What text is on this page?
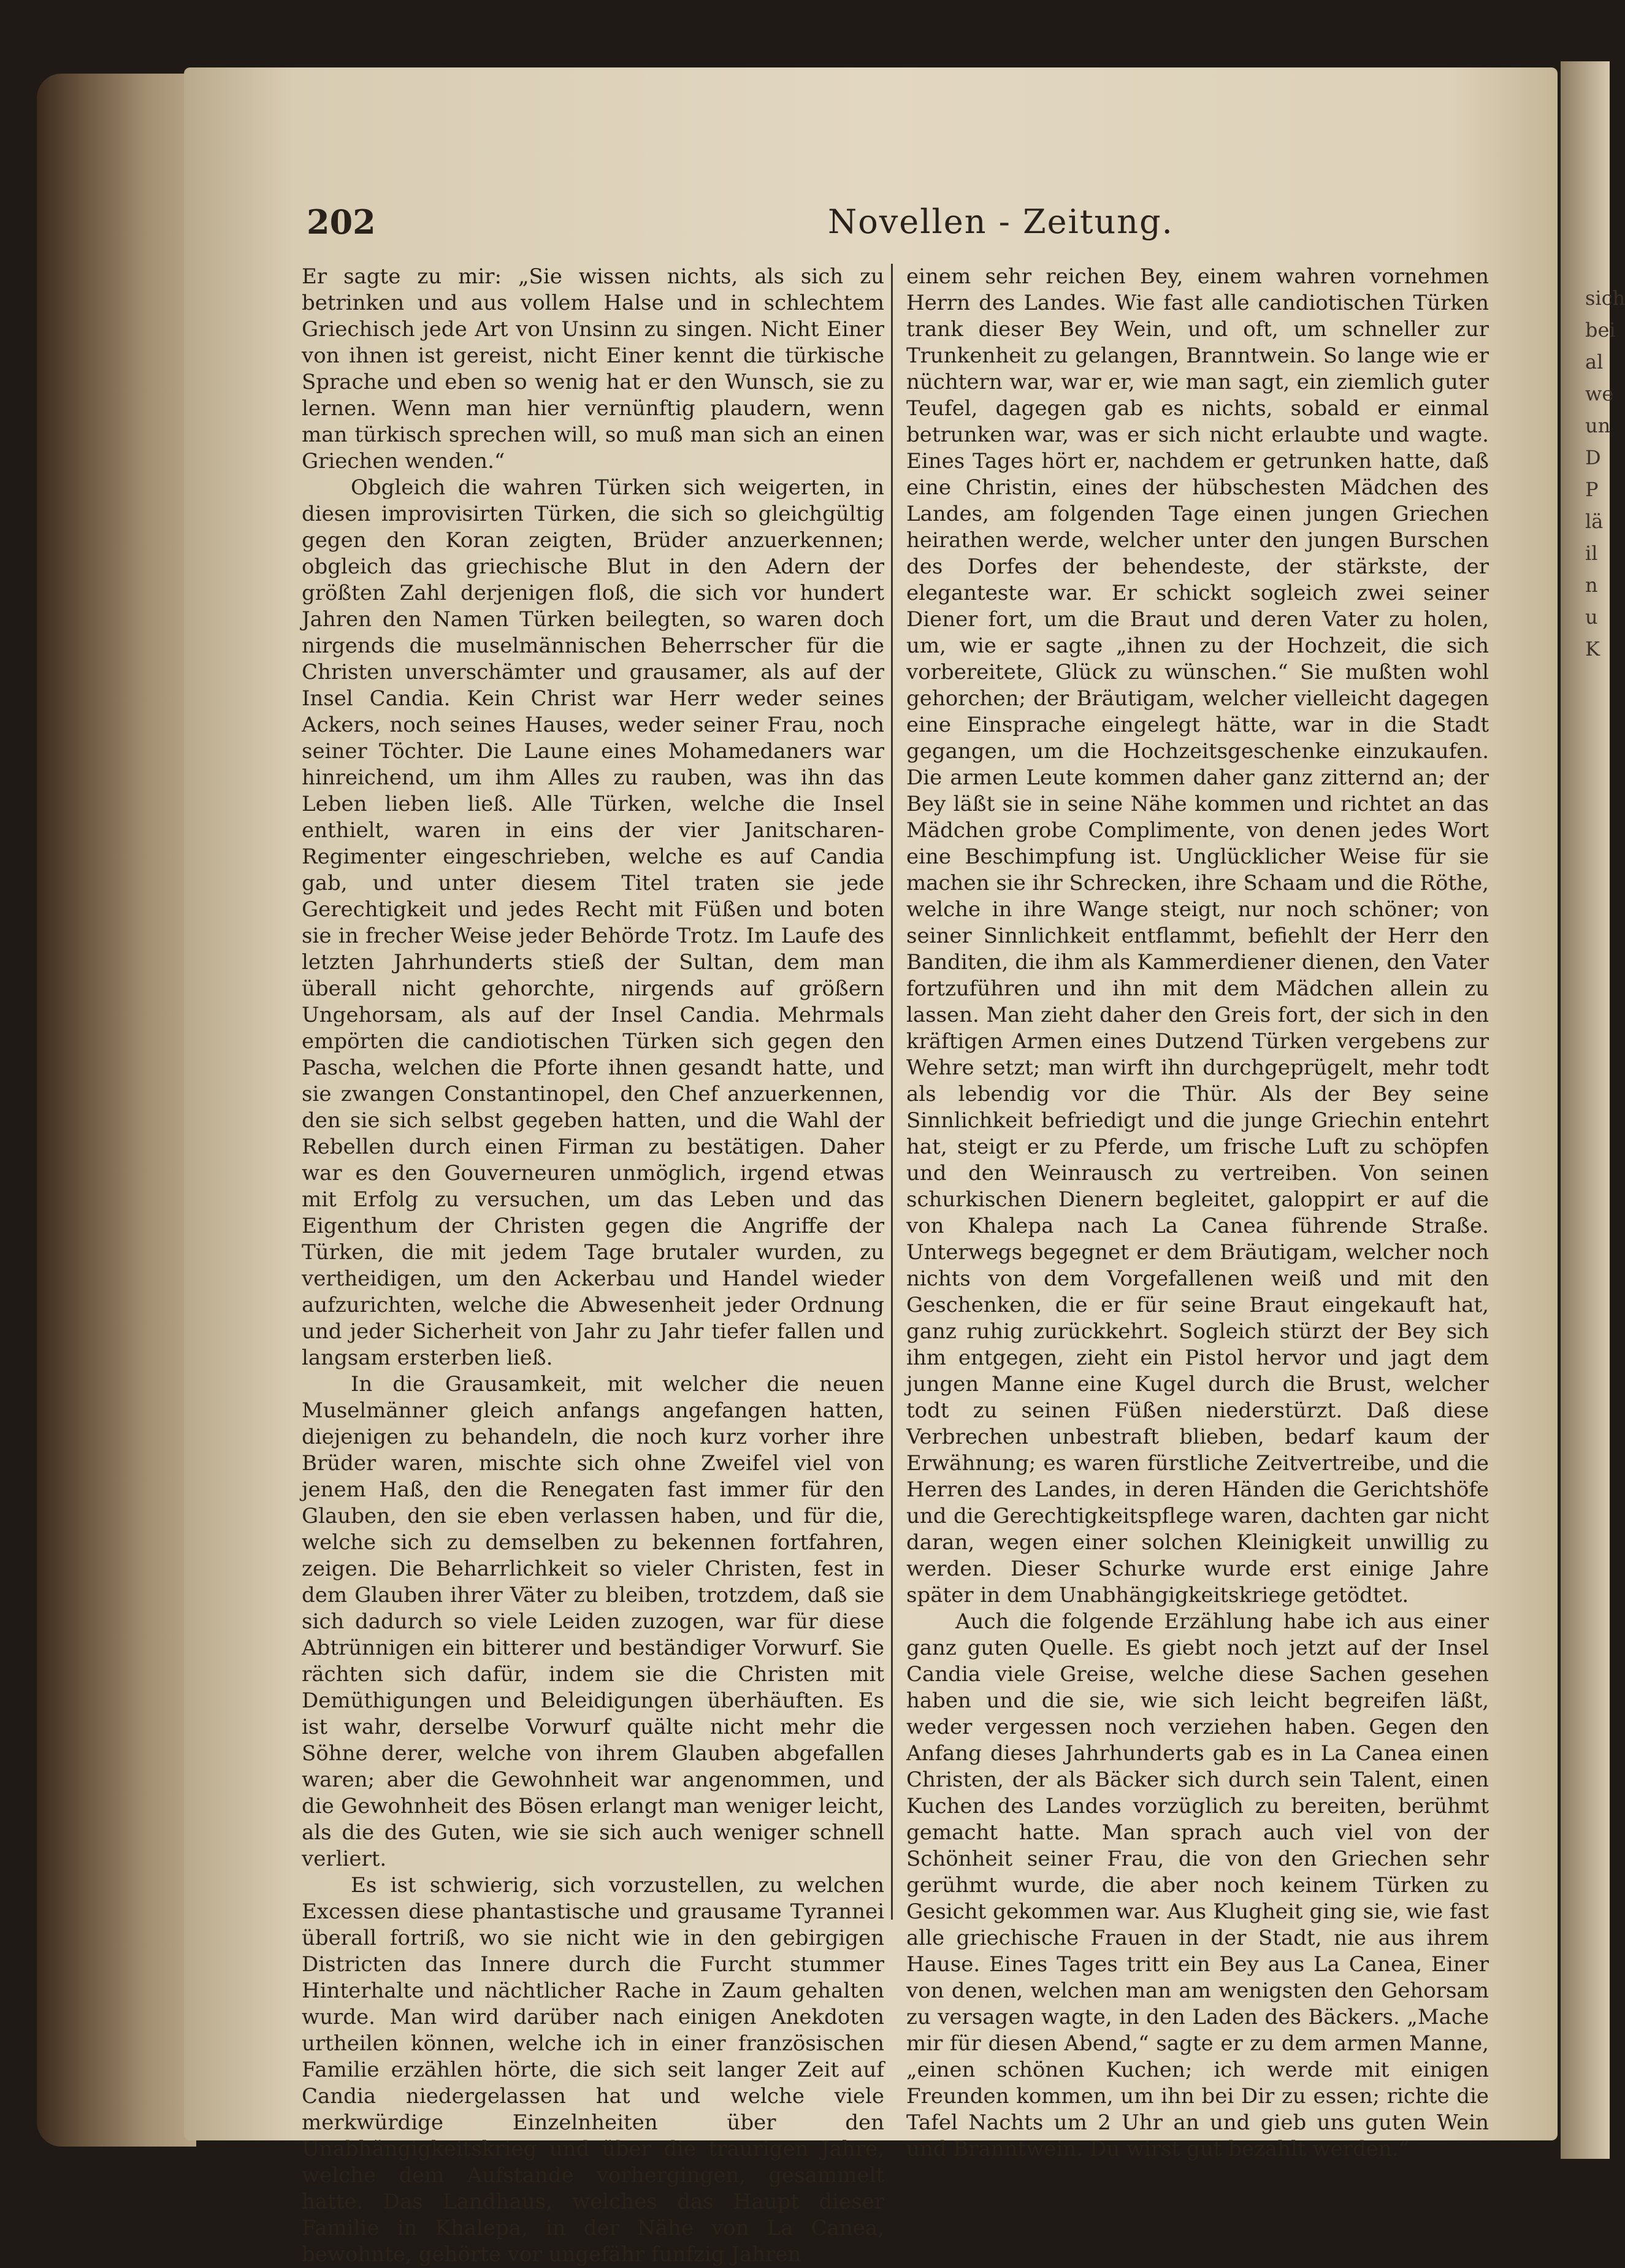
sich
bei
al
we
un
D
P
lä
il
n
u
K
202	Novellen - Zeitung.

Er sagte zu mir: „Sie wissen nichts, als sich zu betrinken und aus vollem Halse und in schlechtem Griechisch jede Art von Unsinn zu singen. Nicht Einer von ihnen ist gereist, nicht Einer kennt die türkische Sprache und eben so wenig hat er den Wunsch, sie zu lernen. Wenn man hier vernünftig plaudern, wenn man türkisch sprechen will, so muß man sich an einen Griechen wenden.“

Obgleich die wahren Türken sich weigerten, in diesen improvisirten Türken, die sich so gleichgültig gegen den Koran zeigten, Brüder anzuerkennen; obgleich das griechische Blut in den Adern der größten Zahl derjenigen floß, die sich vor hundert Jahren den Namen Türken beilegten, so waren doch nirgends die muselmännischen Beherrscher für die Christen unverschämter und grausamer, als auf der Insel Candia. Kein Christ war Herr weder seines Ackers, noch seines Hauses, weder seiner Frau, noch seiner Töchter. Die Laune eines Mohamedaners war hinreichend, um ihm Alles zu rauben, was ihn das Leben lieben ließ. Alle Türken, welche die Insel enthielt, waren in eins der vier Janitscharen-Regimenter eingeschrieben, welche es auf Candia gab, und unter diesem Titel traten sie jede Gerechtigkeit und jedes Recht mit Füßen und boten sie in frecher Weise jeder Behörde Trotz. Im Laufe des letzten Jahrhunderts stieß der Sultan, dem man überall nicht gehorchte, nirgends auf größern Ungehorsam, als auf der Insel Candia. Mehrmals empörten die candiotischen Türken sich gegen den Pascha, welchen die Pforte ihnen gesandt hatte, und sie zwangen Constantinopel, den Chef anzuerkennen, den sie sich selbst gegeben hatten, und die Wahl der Rebellen durch einen Firman zu bestätigen. Daher war es den Gouverneuren unmöglich, irgend etwas mit Erfolg zu versuchen, um das Leben und das Eigenthum der Christen gegen die Angriffe der Türken, die mit jedem Tage brutaler wurden, zu vertheidigen, um den Ackerbau und Handel wieder aufzurichten, welche die Abwesenheit jeder Ordnung und jeder Sicherheit von Jahr zu Jahr tiefer fallen und langsam ersterben ließ.

In die Grausamkeit, mit welcher die neuen Muselmänner gleich anfangs angefangen hatten, diejenigen zu behandeln, die noch kurz vorher ihre Brüder waren, mischte sich ohne Zweifel viel von jenem Haß, den die Renegaten fast immer für den Glauben, den sie eben verlassen haben, und für die, welche sich zu demselben zu bekennen fortfahren, zeigen. Die Beharrlichkeit so vieler Christen, fest in dem Glauben ihrer Väter zu bleiben, trotzdem, daß sie sich dadurch so viele Leiden zuzogen, war für diese Abtrünnigen ein bitterer und beständiger Vorwurf. Sie rächten sich dafür, indem sie die Christen mit Demüthigungen und Beleidigungen überhäuften. Es ist wahr, derselbe Vorwurf quälte nicht mehr die Söhne derer, welche von ihrem Glauben abgefallen waren; aber die Gewohnheit war angenommen, und die Gewohnheit des Bösen erlangt man weniger leicht, als die des Guten, wie sie sich auch weniger schnell verliert.

Es ist schwierig, sich vorzustellen, zu welchen Excessen diese phantastische und grausame Tyrannei überall fortriß, wo sie nicht wie in den gebirgigen Districten das Innere durch die Furcht stummer Hinterhalte und nächtlicher Rache in Zaum gehalten wurde. Man wird darüber nach einigen Anekdoten urtheilen können, welche ich in einer französischen Familie erzählen hörte, die sich seit langer Zeit auf Candia niedergelassen hat und welche viele merkwürdige Einzelnheiten über den Unabhängigkeitskrieg und über die traurigen Jahre, welche dem Aufstande vorhergingen, gesammelt hatte. Das Landhaus, welches das Haupt dieser Familie in Khalepa, in der Nähe von La Canea, bewohnte, gehörte vor ungefähr funfzig Jahren

einem sehr reichen Bey, einem wahren vornehmen Herrn des Landes. Wie fast alle candiotischen Türken trank dieser Bey Wein, und oft, um schneller zur Trunkenheit zu gelangen, Branntwein. So lange wie er nüchtern war, war er, wie man sagt, ein ziemlich guter Teufel, dagegen gab es nichts, sobald er einmal betrunken war, was er sich nicht erlaubte und wagte. Eines Tages hört er, nachdem er getrunken hatte, daß eine Christin, eines der hübschesten Mädchen des Landes, am folgenden Tage einen jungen Griechen heirathen werde, welcher unter den jungen Burschen des Dorfes der behendeste, der stärkste, der eleganteste war. Er schickt sogleich zwei seiner Diener fort, um die Braut und deren Vater zu holen, um, wie er sagte „ihnen zu der Hochzeit, die sich vorbereitete, Glück zu wünschen.“ Sie mußten wohl gehorchen; der Bräutigam, welcher vielleicht dagegen eine Einsprache eingelegt hätte, war in die Stadt gegangen, um die Hochzeitsgeschenke einzukaufen. Die armen Leute kommen daher ganz zitternd an; der Bey läßt sie in seine Nähe kommen und richtet an das Mädchen grobe Complimente, von denen jedes Wort eine Beschimpfung ist. Unglücklicher Weise für sie machen sie ihr Schrecken, ihre Schaam und die Röthe, welche in ihre Wange steigt, nur noch schöner; von seiner Sinnlichkeit entflammt, befiehlt der Herr den Banditen, die ihm als Kammerdiener dienen, den Vater fortzuführen und ihn mit dem Mädchen allein zu lassen. Man zieht daher den Greis fort, der sich in den kräftigen Armen eines Dutzend Türken vergebens zur Wehre setzt; man wirft ihn durchgeprügelt, mehr todt als lebendig vor die Thür. Als der Bey seine Sinnlichkeit befriedigt und die junge Griechin entehrt hat, steigt er zu Pferde, um frische Luft zu schöpfen und den Weinrausch zu vertreiben. Von seinen schurkischen Dienern begleitet, galoppirt er auf die von Khalepa nach La Canea führende Straße. Unterwegs begegnet er dem Bräutigam, welcher noch nichts von dem Vorgefallenen weiß und mit den Geschenken, die er für seine Braut eingekauft hat, ganz ruhig zurückkehrt. Sogleich stürzt der Bey sich ihm entgegen, zieht ein Pistol hervor und jagt dem jungen Manne eine Kugel durch die Brust, welcher todt zu seinen Füßen niederstürzt. Daß diese Verbrechen unbestraft blieben, bedarf kaum der Erwähnung; es waren fürstliche Zeitvertreibe, und die Herren des Landes, in deren Händen die Gerichtshöfe und die Gerechtigkeitspflege waren, dachten gar nicht daran, wegen einer solchen Kleinigkeit unwillig zu werden. Dieser Schurke wurde erst einige Jahre später in dem Unabhängigkeitskriege getödtet.

Auch die folgende Erzählung habe ich aus einer ganz guten Quelle. Es giebt noch jetzt auf der Insel Candia viele Greise, welche diese Sachen gesehen haben und die sie, wie sich leicht begreifen läßt, weder vergessen noch verziehen haben. Gegen den Anfang dieses Jahrhunderts gab es in La Canea einen Christen, der als Bäcker sich durch sein Talent, einen Kuchen des Landes vorzüglich zu bereiten, berühmt gemacht hatte. Man sprach auch viel von der Schönheit seiner Frau, die von den Griechen sehr gerühmt wurde, die aber noch keinem Türken zu Gesicht gekommen war. Aus Klugheit ging sie, wie fast alle griechische Frauen in der Stadt, nie aus ihrem Hause. Eines Tages tritt ein Bey aus La Canea, Einer von denen, welchen man am wenigsten den Gehorsam zu versagen wagte, in den Laden des Bäckers. „Mache mir für diesen Abend,“ sagte er zu dem armen Manne, „einen schönen Kuchen; ich werde mit einigen Freunden kommen, um ihn bei Dir zu essen; richte die Tafel Nachts um 2 Uhr an und gieb uns guten Wein und Branntwein. Du wirst gut bezahlt werden.“
